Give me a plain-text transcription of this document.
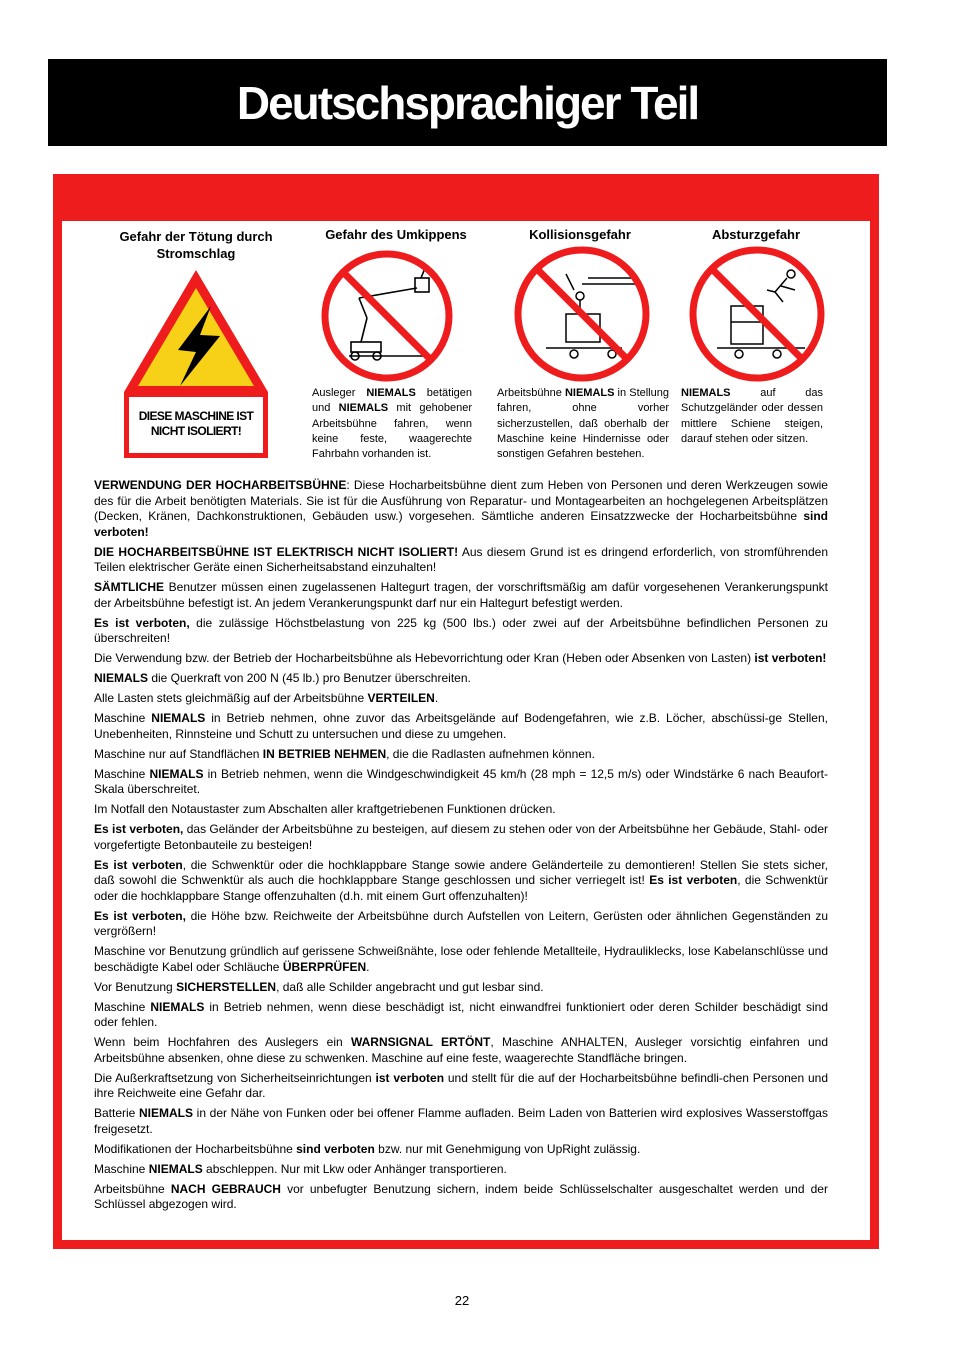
Deutschsprachiger Teil
Gefahr der Tötung durch Stromschlag
DIESE MASCHINE IST NICHT ISOLIERT!
Gefahr des Umkippens
Ausleger NIEMALS betätigen und NIEMALS mit gehobener Arbeitsbühne fahren, wenn keine feste, waagerechte Fahrbahn vorhanden ist.
Kollisionsgefahr
Arbeitsbühne NIEMALS in Stellung fahren, ohne vorher sicherzustellen, daß oberhalb der Maschine keine Hindernisse oder sonstigen Gefahren bestehen.
Absturzgefahr
NIEMALS auf das Schutzgeländer oder dessen mittlere Schiene steigen, darauf stehen oder sitzen.

VERWENDUNG DER HOCHARBEITSBÜHNE: Diese Hocharbeitsbühne dient zum Heben von Personen und deren Werkzeugen sowie des für die Arbeit benötigten Materials. Sie ist für die Ausführung von Reparatur- und Montagearbeiten an hochgelegenen Arbeitsplätzen (Decken, Kränen, Dachkonstruktionen, Gebäuden usw.) vorgesehen. Sämtliche anderen Einsatzzwecke der Hocharbeitsbühne sind verboten!

DIE HOCHARBEITSBÜHNE IST ELEKTRISCH NICHT ISOLIERT! Aus diesem Grund ist es dringend erforderlich, von stromführenden Teilen elektrischer Geräte einen Sicherheitsabstand einzuhalten!

SÄMTLICHE Benutzer müssen einen zugelassenen Haltegurt tragen, der vorschriftsmäßig am dafür vorgesehenen Verankerungspunkt der Arbeitsbühne befestigt ist. An jedem Verankerungspunkt darf nur ein Haltegurt befestigt werden.

Es ist verboten, die zulässige Höchstbelastung von 225 kg (500 lbs.) oder zwei auf der Arbeitsbühne befindlichen Personen zu überschreiten!

Die Verwendung bzw. der Betrieb der Hocharbeitsbühne als Hebevorrichtung oder Kran (Heben oder Absenken von Lasten) ist verboten!

NIEMALS die Querkraft von 200 N (45 lb.) pro Benutzer überschreiten.

Alle Lasten stets gleichmäßig auf der Arbeitsbühne VERTEILEN.

Maschine NIEMALS in Betrieb nehmen, ohne zuvor das Arbeitsgelände auf Bodengefahren, wie z.B. Löcher, abschüssi-ge Stellen, Unebenheiten, Rinnsteine und Schutt zu untersuchen und diese zu umgehen.

Maschine nur auf Standflächen IN BETRIEB NEHMEN, die die Radlasten aufnehmen können.

Maschine NIEMALS in Betrieb nehmen, wenn die Windgeschwindigkeit 45 km/h (28 mph = 12,5 m/s) oder Windstärke 6 nach Beaufort-Skala überschreitet.

Im Notfall den Notaustaster zum Abschalten aller kraftgetriebenen Funktionen drücken.

Es ist verboten, das Geländer der Arbeitsbühne zu besteigen, auf diesem zu stehen oder von der Arbeitsbühne her Gebäude, Stahl- oder vorgefertigte Betonbauteile zu besteigen!

Es ist verboten, die Schwenktür oder die hochklappbare Stange sowie andere Geländerteile zu demontieren! Stellen Sie stets sicher, daß sowohl die Schwenktür als auch die hochklappbare Stange geschlossen und sicher verriegelt ist! Es ist verboten, die Schwenktür oder die hochklappbare Stange offenzuhalten (d.h. mit einem Gurt offenzuhalten)!

Es ist verboten, die Höhe bzw. Reichweite der Arbeitsbühne durch Aufstellen von Leitern, Gerüsten oder ähnlichen Gegenständen zu vergrößern!

Maschine vor Benutzung gründlich auf gerissene Schweißnähte, lose oder fehlende Metallteile, Hydrauliklecks, lose Kabelanschlüsse und beschädigte Kabel oder Schläuche ÜBERPRÜFEN.

Vor Benutzung SICHERSTELLEN, daß alle Schilder angebracht und gut lesbar sind.

Maschine NIEMALS in Betrieb nehmen, wenn diese beschädigt ist, nicht einwandfrei funktioniert oder deren Schilder beschädigt sind oder fehlen.

Wenn beim Hochfahren des Auslegers ein WARNSIGNAL ERTÖNT, Maschine ANHALTEN, Ausleger vorsichtig einfahren und Arbeitsbühne absenken, ohne diese zu schwenken. Maschine auf eine feste, waagerechte Standfläche bringen.

Die Außerkraftsetzung von Sicherheitseinrichtungen ist verboten und stellt für die auf der Hocharbeitsbühne befindli-chen Personen und ihre Reichweite eine Gefahr dar.

Batterie NIEMALS in der Nähe von Funken oder bei offener Flamme aufladen. Beim Laden von Batterien wird explosives Wasserstoffgas freigesetzt.

Modifikationen der Hocharbeitsbühne sind verboten bzw. nur mit Genehmigung von UpRight zulässig.

Maschine NIEMALS abschleppen. Nur mit Lkw oder Anhänger transportieren.

Arbeitsbühne NACH GEBRAUCH vor unbefugter Benutzung sichern, indem beide Schlüsselschalter ausgeschaltet werden und der Schlüssel abgezogen wird.

22
